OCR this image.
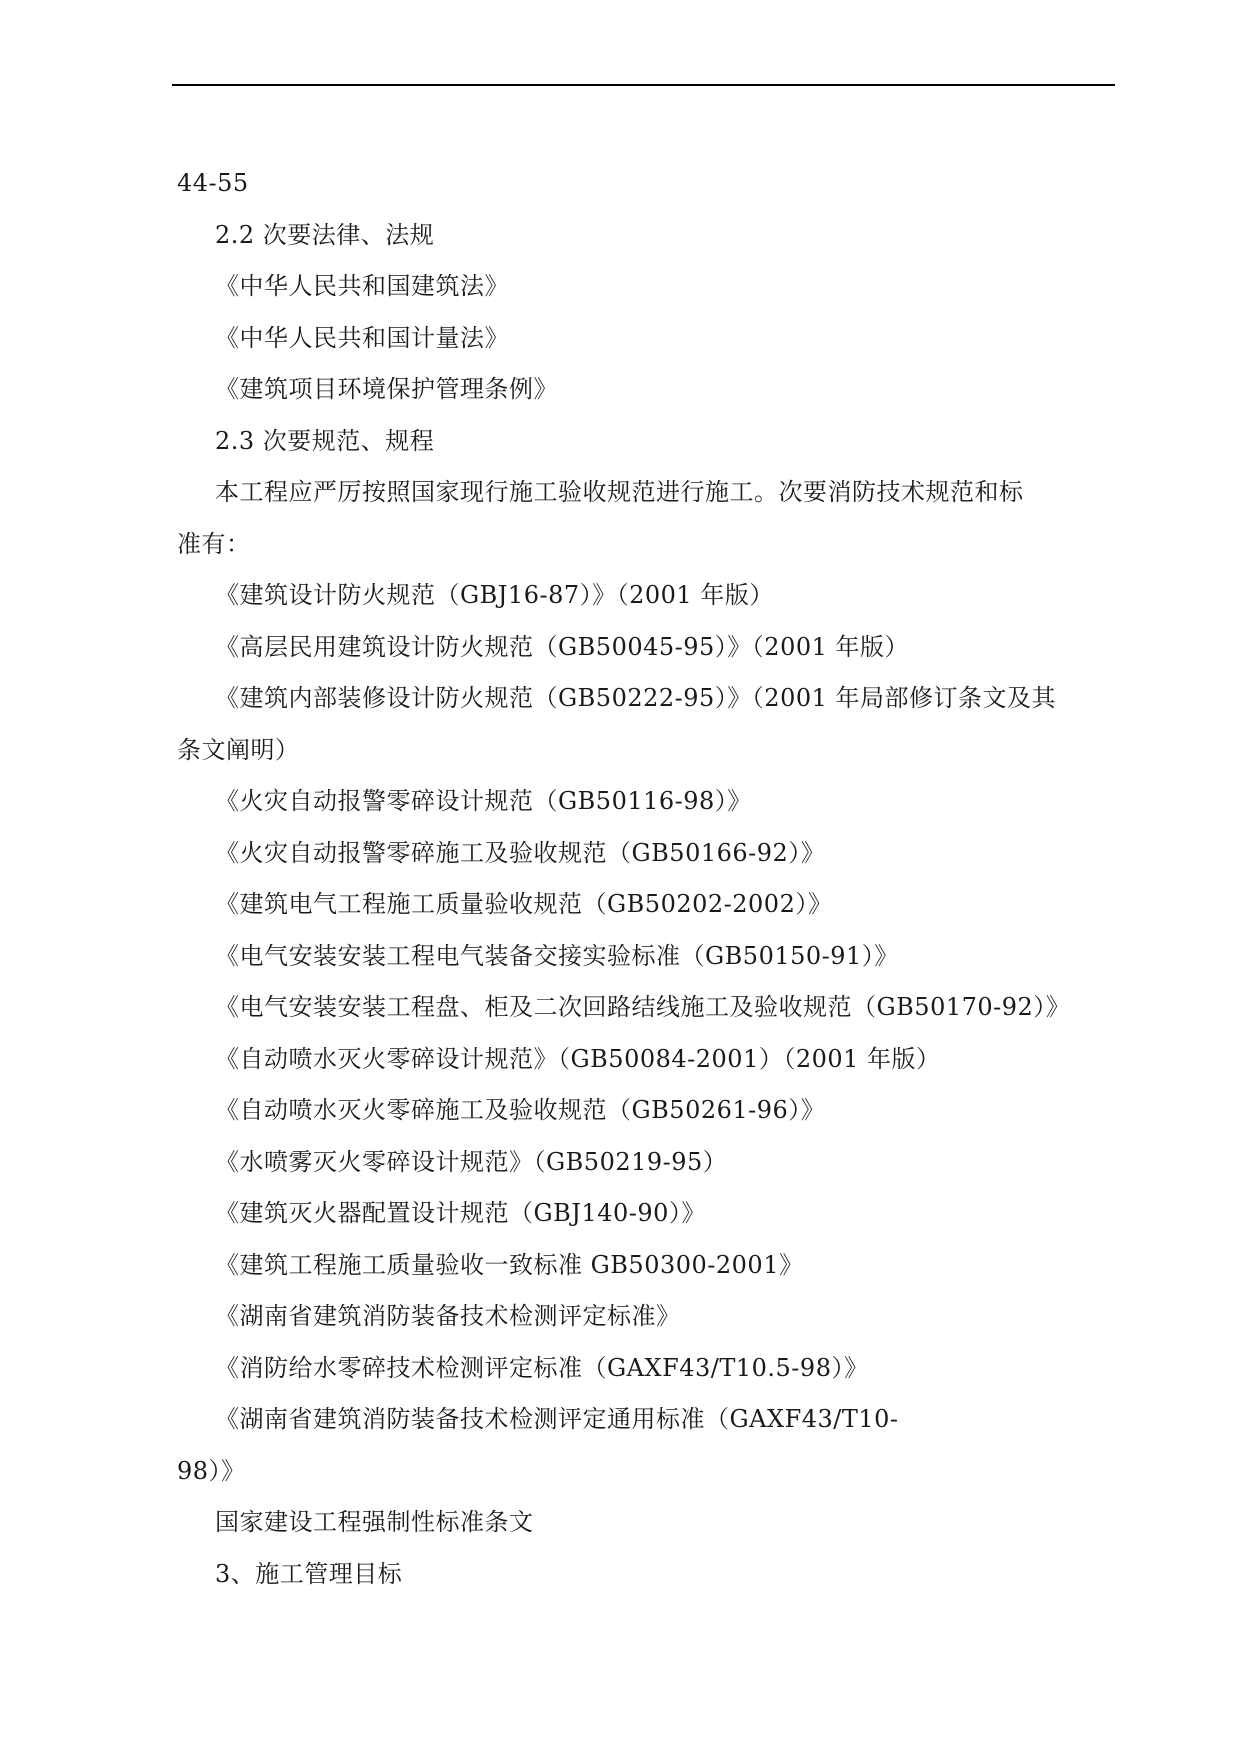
44-55
2.2 次要法律、法规
《中华人民共和国建筑法》
《中华人民共和国计量法》
《建筑项目环境保护管理条例》
2.3 次要规范、规程
本工程应严厉按照国家现行施工验收规范进行施工。次要消防技术规范和标
准有：
《建筑设计防火规范（GBJ16-87）》（2001 年版）
《高层民用建筑设计防火规范（GB50045-95）》（2001 年版）
《建筑内部装修设计防火规范（GB50222-95）》（2001 年局部修订条文及其
条文阐明）
《火灾自动报警零碎设计规范（GB50116-98）》
《火灾自动报警零碎施工及验收规范（GB50166-92）》
《建筑电气工程施工质量验收规范（GB50202-2002）》
《电气安装安装工程电气装备交接实验标准（GB50150-91）》
《电气安装安装工程盘、柜及二次回路结线施工及验收规范（GB50170-92）》
《自动喷水灭火零碎设计规范》（GB50084-2001）（2001 年版）
《自动喷水灭火零碎施工及验收规范（GB50261-96）》
《水喷雾灭火零碎设计规范》（GB50219-95）
《建筑灭火器配置设计规范（GBJ140-90）》
《建筑工程施工质量验收一致标准 GB50300-2001》
《湖南省建筑消防装备技术检测评定标准》
《消防给水零碎技术检测评定标准（GAXF43/T10.5-98）》
《湖南省建筑消防装备技术检测评定通用标准（GAXF43/T10-
98）》
国家建设工程强制性标准条文
3、施工管理目标
